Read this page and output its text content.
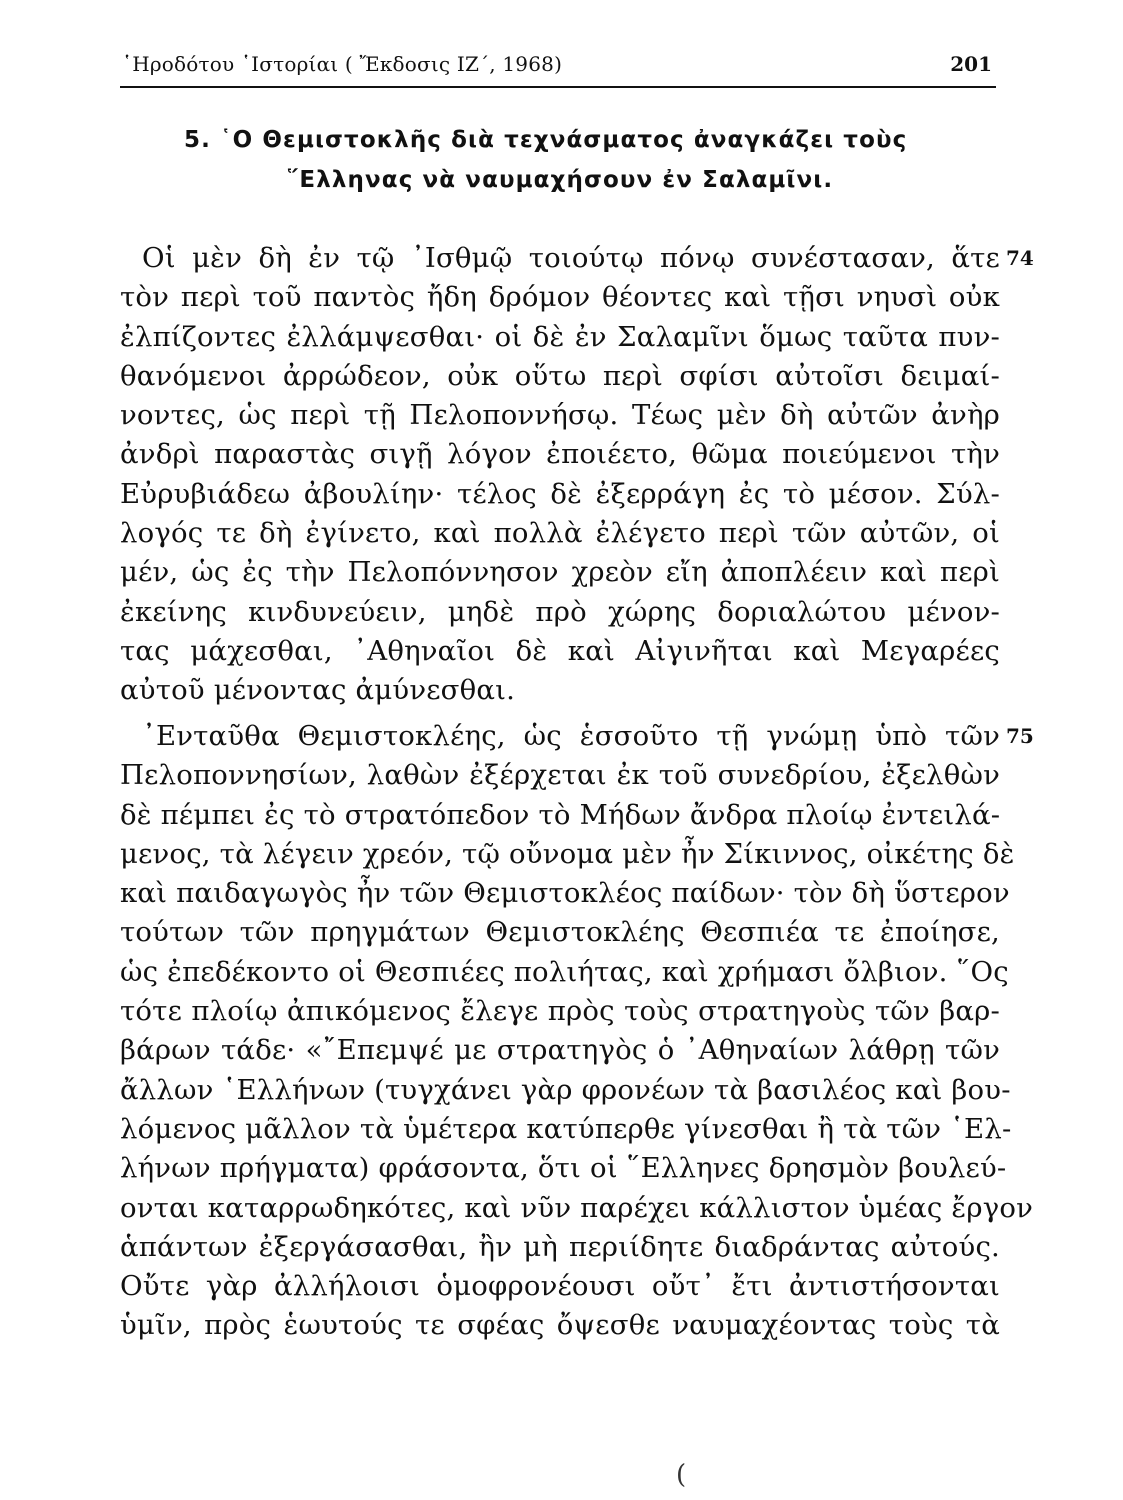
῾Ηροδότου ῾Ιστορίαι ( Ἔκδοσις ΙΖ΄, 1968)	201
5. ῾Ο Θεμιστοκλῆς διὰ τεχνάσματος ἀναγκάζει τοὺς
῞Ελληνας νὰ ναυμαχήσουν ἐν Σαλαμῖνι.
74
Οἱ μὲν δὴ ἐν τῷ ᾽Ισθμῷ τοιούτῳ πόνῳ συνέστασαν, ἅτε
τὸν περὶ τοῦ παντὸς ἤδη δρόμον θέοντες καὶ τῇσι νηυσὶ οὐκ
ἐλπίζοντες ἐλλάμψεσθαι· οἱ δὲ ἐν Σαλαμῖνι ὅμως ταῦτα πυν-
θανόμενοι ἀρρώδεον, οὐκ οὕτω περὶ σφίσι αὐτοῖσι δειμαί-
νοντες, ὡς περὶ τῇ Πελοποννήσῳ. Τέως μὲν δὴ αὐτῶν ἀνὴρ
ἀνδρὶ παραστὰς σιγῇ λόγον ἐποιέετο, θῶμα ποιεύμενοι τὴν
Εὐρυβιάδεω ἀβουλίην· τέλος δὲ ἐξερράγη ἐς τὸ μέσον. Σύλ-
λογός τε δὴ ἐγίνετο, καὶ πολλὰ ἐλέγετο περὶ τῶν αὐτῶν, οἱ
μέν, ὡς ἐς τὴν Πελοπόννησον χρεὸν εἴη ἀποπλέειν καὶ περὶ
ἐκείνης κινδυνεύειν, μηδὲ πρὸ χώρης δοριαλώτου μένον-
τας μάχεσθαι, ᾽Αθηναῖοι δὲ καὶ Αἰγινῆται καὶ Μεγαρέες
αὐτοῦ μένοντας ἀμύνεσθαι.
75
᾽Ενταῦθα Θεμιστοκλέης, ὡς ἑσσοῦτο τῇ γνώμῃ ὑπὸ τῶν
Πελοποννησίων, λαθὼν ἐξέρχεται ἐκ τοῦ συνεδρίου, ἐξελθὼν
δὲ πέμπει ἐς τὸ στρατόπεδον τὸ Μήδων ἄνδρα πλοίῳ ἐντειλά-
μενος, τὰ λέγειν χρεόν, τῷ οὔνομα μὲν ἦν Σίκιννος, οἰκέτης δὲ
καὶ παιδαγωγὸς ἦν τῶν Θεμιστοκλέος παίδων· τὸν δὴ ὕστερον
τούτων τῶν πρηγμάτων Θεμιστοκλέης Θεσπιέα τε ἐποίησε,
ὡς ἐπεδέκοντο οἱ Θεσπιέες πολιήτας, καὶ χρήμασι ὄλβιον. ῞Ος
τότε πλοίῳ ἀπικόμενος ἔλεγε πρὸς τοὺς στρατηγοὺς τῶν βαρ-
βάρων τάδε· «῎Επεμψέ με στρατηγὸς ὁ ᾽Αθηναίων λάθρῃ τῶν
ἄλλων ῾Ελλήνων (τυγχάνει γὰρ φρονέων τὰ βασιλέος καὶ βου-
λόμενος μᾶλλον τὰ ὑμέτερα κατύπερθε γίνεσθαι ἢ τὰ τῶν ῾Ελ-
λήνων πρήγματα) φράσοντα, ὅτι οἱ ῞Ελληνες δρησμὸν βουλεύ-
ονται καταρρωδηκότες, καὶ νῦν παρέχει κάλλιστον ὑμέας ἔργον
ἁπάντων ἐξεργάσασθαι, ἢν μὴ περιίδητε διαδράντας αὐτούς.
Οὔτε γὰρ ἀλλήλοισι ὁμοφρονέουσι οὔτ᾽ ἔτι ἀντιστήσονται
ὑμῖν, πρὸς ἑωυτούς τε σφέας ὄψεσθε ναυμαχέοντας τοὺς τὰ
(
